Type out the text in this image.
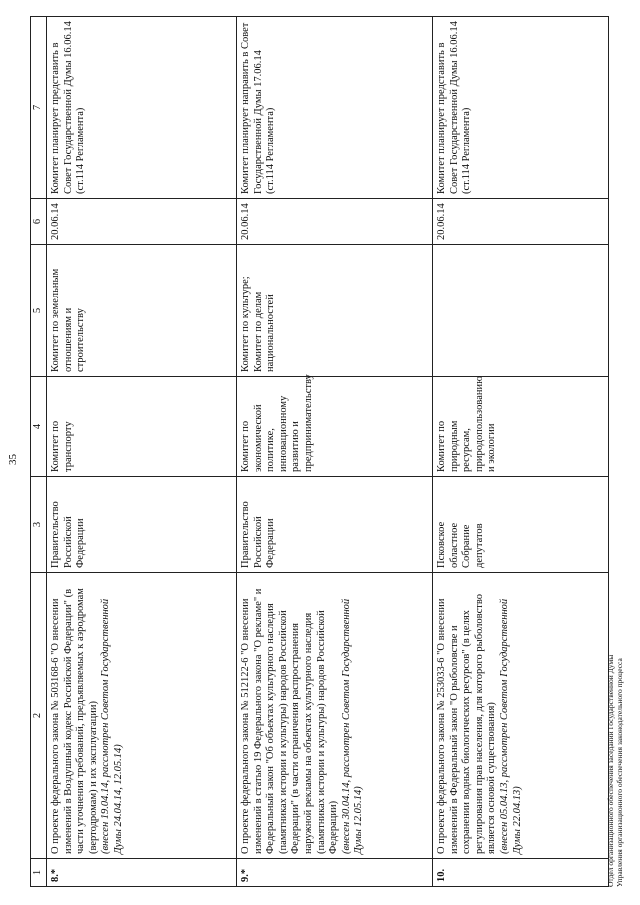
35
1	2	3	4	5	6	7
8.*	О проекте федерального закона № 503168-6 "О внесении изменений в Воздушный кодекс Российской Федерации" (в части уточнения требований, предъявляемых к аэродромам (вертодромам) и их эксплуатации) (внесен 19.04.14, рассмотрен Советом Государственной Думы 24.04.14, 12.05.14)	Правительство Российской Федерации	Комитет по транспорту	Комитет по земельным отношениям и строительству	20.06.14	Комитет планирует представить в Совет Государственной Думы 16.06.14 (ст.114 Регламента)
9.*	О проекте федерального закона № 512122-6 "О внесении изменений в статью 19 Федерального закона "О рекламе" и Федеральный закон "Об объектах культурного наследия (памятниках истории и культуры) народов Российской Федерации" (в части ограничения распространения наружной рекламы на объектах культурного наследия (памятниках истории и культуры) народов Российской Федерации) (внесен 30.04.14, рассмотрен Советом Государственной Думы 12.05.14)	Правительство Российской Федерации	Комитет по экономической политике, инновационному развитию и предпринимательству	Комитет по культуре; Комитет по делам национальностей	20.06.14	Комитет планирует направить в Совет Государственной Думы 17.06.14 (ст.114 Регламента)
10.	О проекте федерального закона № 253033-6 "О внесении изменений в Федеральный закон "О рыболовстве и сохранении водных биологических ресурсов" (в целях регулирования прав населения, для которого рыболовство является основой существования) (внесен 05.04.13, рассмотрен Советом Государственной Думы 22.04.13)	Псковское областное Собрание депутатов	Комитет по природным ресурсам, природопользованию и экологии		20.06.14	Комитет планирует представить в Совет Государственной Думы 16.06.14 (ст.114 Регламента)
Отдел организационного обеспечения заседаний Государственной Думы Управления организационного обеспечения законодательного процесса
